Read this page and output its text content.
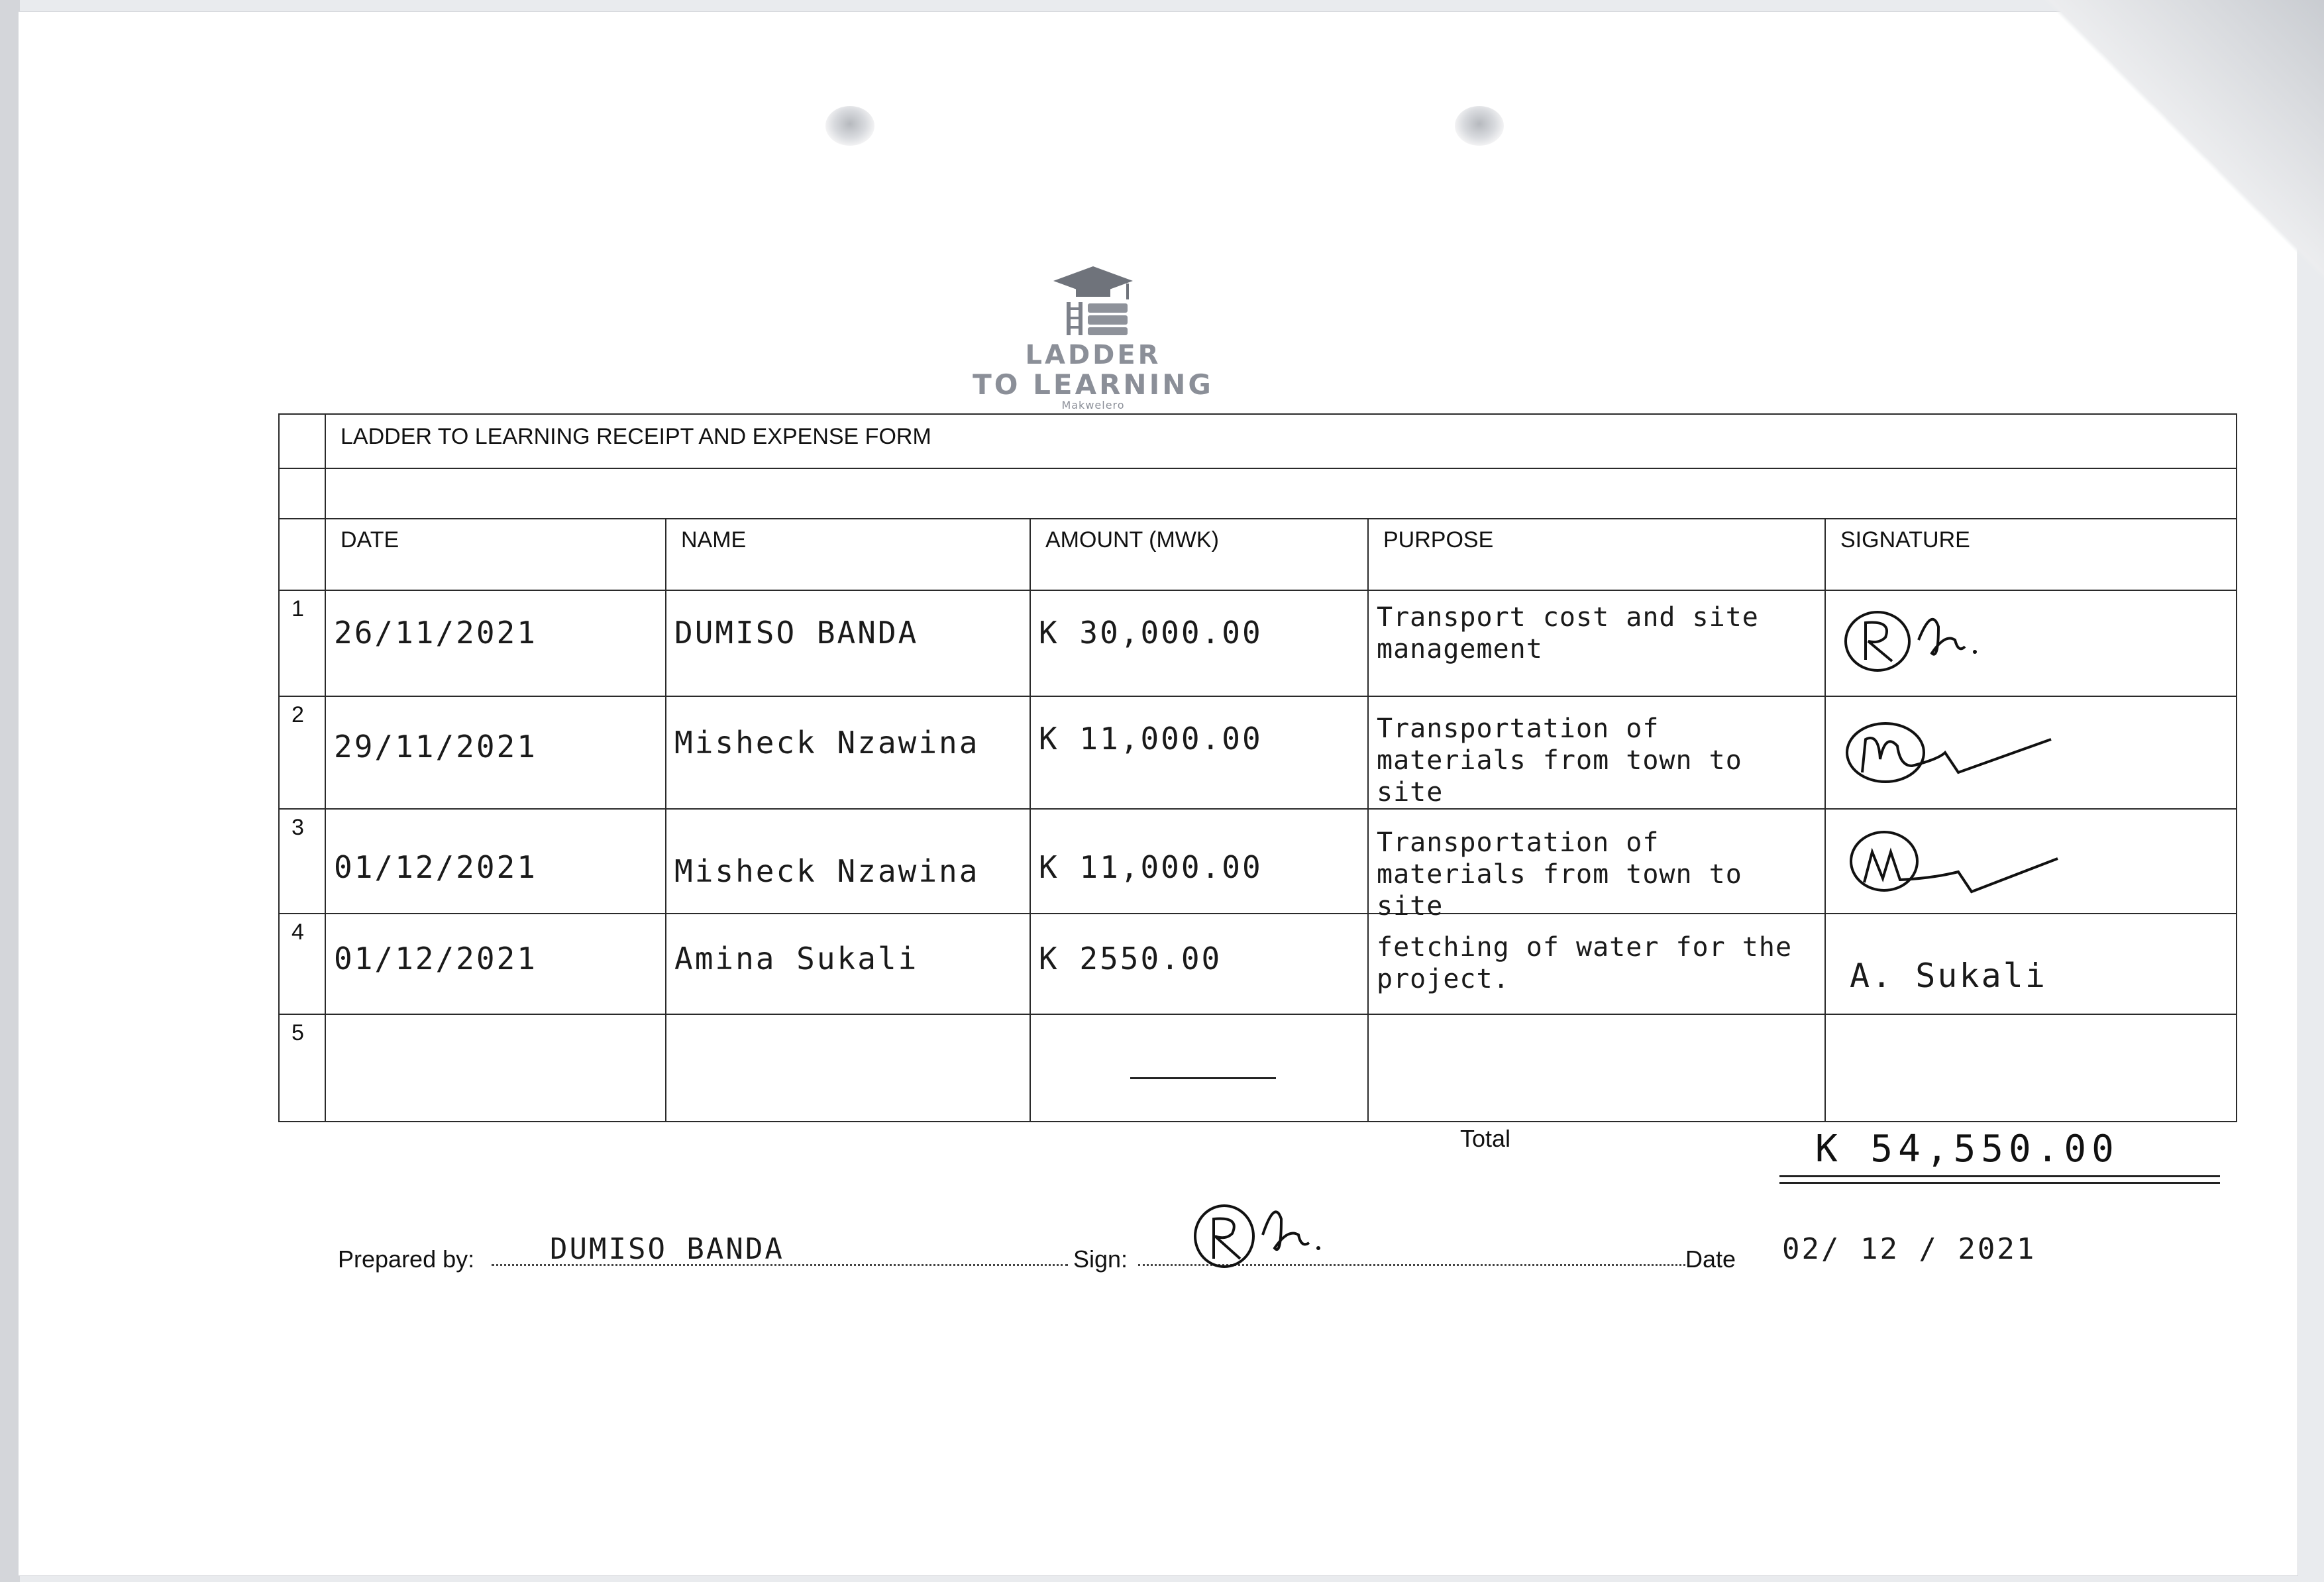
LADDER
TO LEARNING
Makwelero
	LADDER TO LEARNING RECEIPT AND EXPENSE FORM				

	DATE	NAME	AMOUNT (MWK)	PURPOSE	SIGNATURE
1	26/11/2021	DUMISO BANDA	K 30,000.00	Transport cost and site management

2	29/11/2021	Misheck Nzawina	K 11,000.00	Transportation of materials from town to site

3	01/12/2021	Misheck Nzawina	K 11,000.00	Transportation of materials from town to site

4	01/12/2021	Amina Sukali	K 2550.00	fetching of water for the project.	A. Sukali

5			

Total	K 54,550.00
Prepared by:	DUMISO BANDA	Sign:	Date 02/ 12 / 2021
